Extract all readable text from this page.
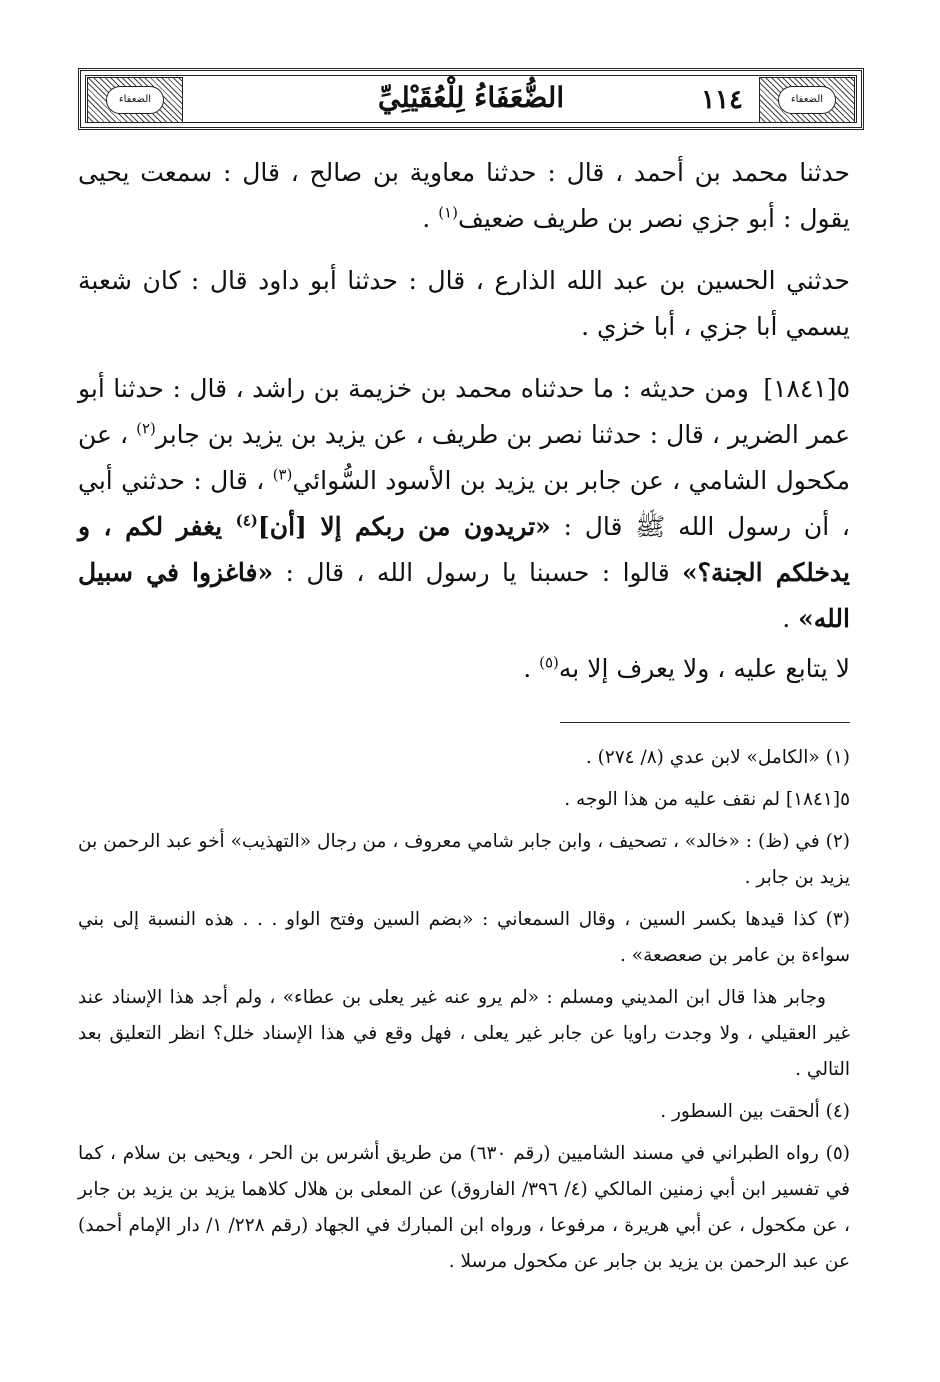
الضعفاء
الضعفاء	١١٤
الضُّعَفَاءُ لِلْعُقَيْلِيِّ

حدثنا محمد بن أحمد ، قال : حدثنا معاوية بن صالح ، قال : سمعت يحيى يقول : أبو جزي نصر بن طريف ضعيف$^{(١)}$ .

حدثني الحسين بن عبد الله الذارع ، قال : حدثنا أبو داود قال : كان شعبة يسمي أبا جزي ، أبا خزي .

٥[١٨٤١] ومن حديثه : ما حدثناه محمد بن خزيمة بن راشد ، قال : حدثنا أبو عمر الضرير ، قال : حدثنا نصر بن طريف ، عن يزيد بن يزيد بن جابر$^{(٢)}$ ، عن مكحول الشامي ، عن جابر بن يزيد بن الأسود السُّوائي$^{(٣)}$ ، قال : حدثني أبي ، أن رسول الله ﷺ قال : «تريدون من ربكم إلا [أن]$^{(٤)}$ يغفر لكم ، و يدخلكم الجنة؟» قالوا : حسبنا يا رسول الله ، قال : «فاغزوا في سبيل الله» .

لا يتابع عليه ، ولا يعرف إلا به$^{(٥)}$ .

(١) «الكامل» لابن عدي (٨/ ٢٧٤) .

٥[١٨٤١] لم نقف عليه من هذا الوجه .

(٢) في (ظ) : «خالد» ، تصحيف ، وابن جابر شامي معروف ، من رجال «التهذيب» أخو عبد الرحمن بن يزيد بن جابر .

(٣) كذا قيدها بكسر السين ، وقال السمعاني : «بضم السين وفتح الواو . . . هذه النسبة إلى بني سواءة بن عامر بن صعصعة» .

وجابر هذا قال ابن المديني ومسلم : «لم يرو عنه غير يعلى بن عطاء» ، ولم أجد هذا الإسناد عند غير العقيلي ، ولا وجدت راويا عن جابر غير يعلى ، فهل وقع في هذا الإسناد خلل؟ انظر التعليق بعد التالي .

(٤) ألحقت بين السطور .

(٥) رواه الطبراني في مسند الشاميين (رقم ٦٣٠) من طريق أشرس بن الحر ، ويحيى بن سلام ، كما في تفسير ابن أبي زمنين المالكي (٤/ ٣٩٦/ الفاروق) عن المعلى بن هلال كلاهما يزيد بن يزيد بن جابر ، عن مكحول ، عن أبي هريرة ، مرفوعا ، ورواه ابن المبارك في الجهاد (رقم ٢٢٨/ ١/ دار الإمام أحمد) عن عبد الرحمن بن يزيد بن جابر عن مكحول مرسلا .
